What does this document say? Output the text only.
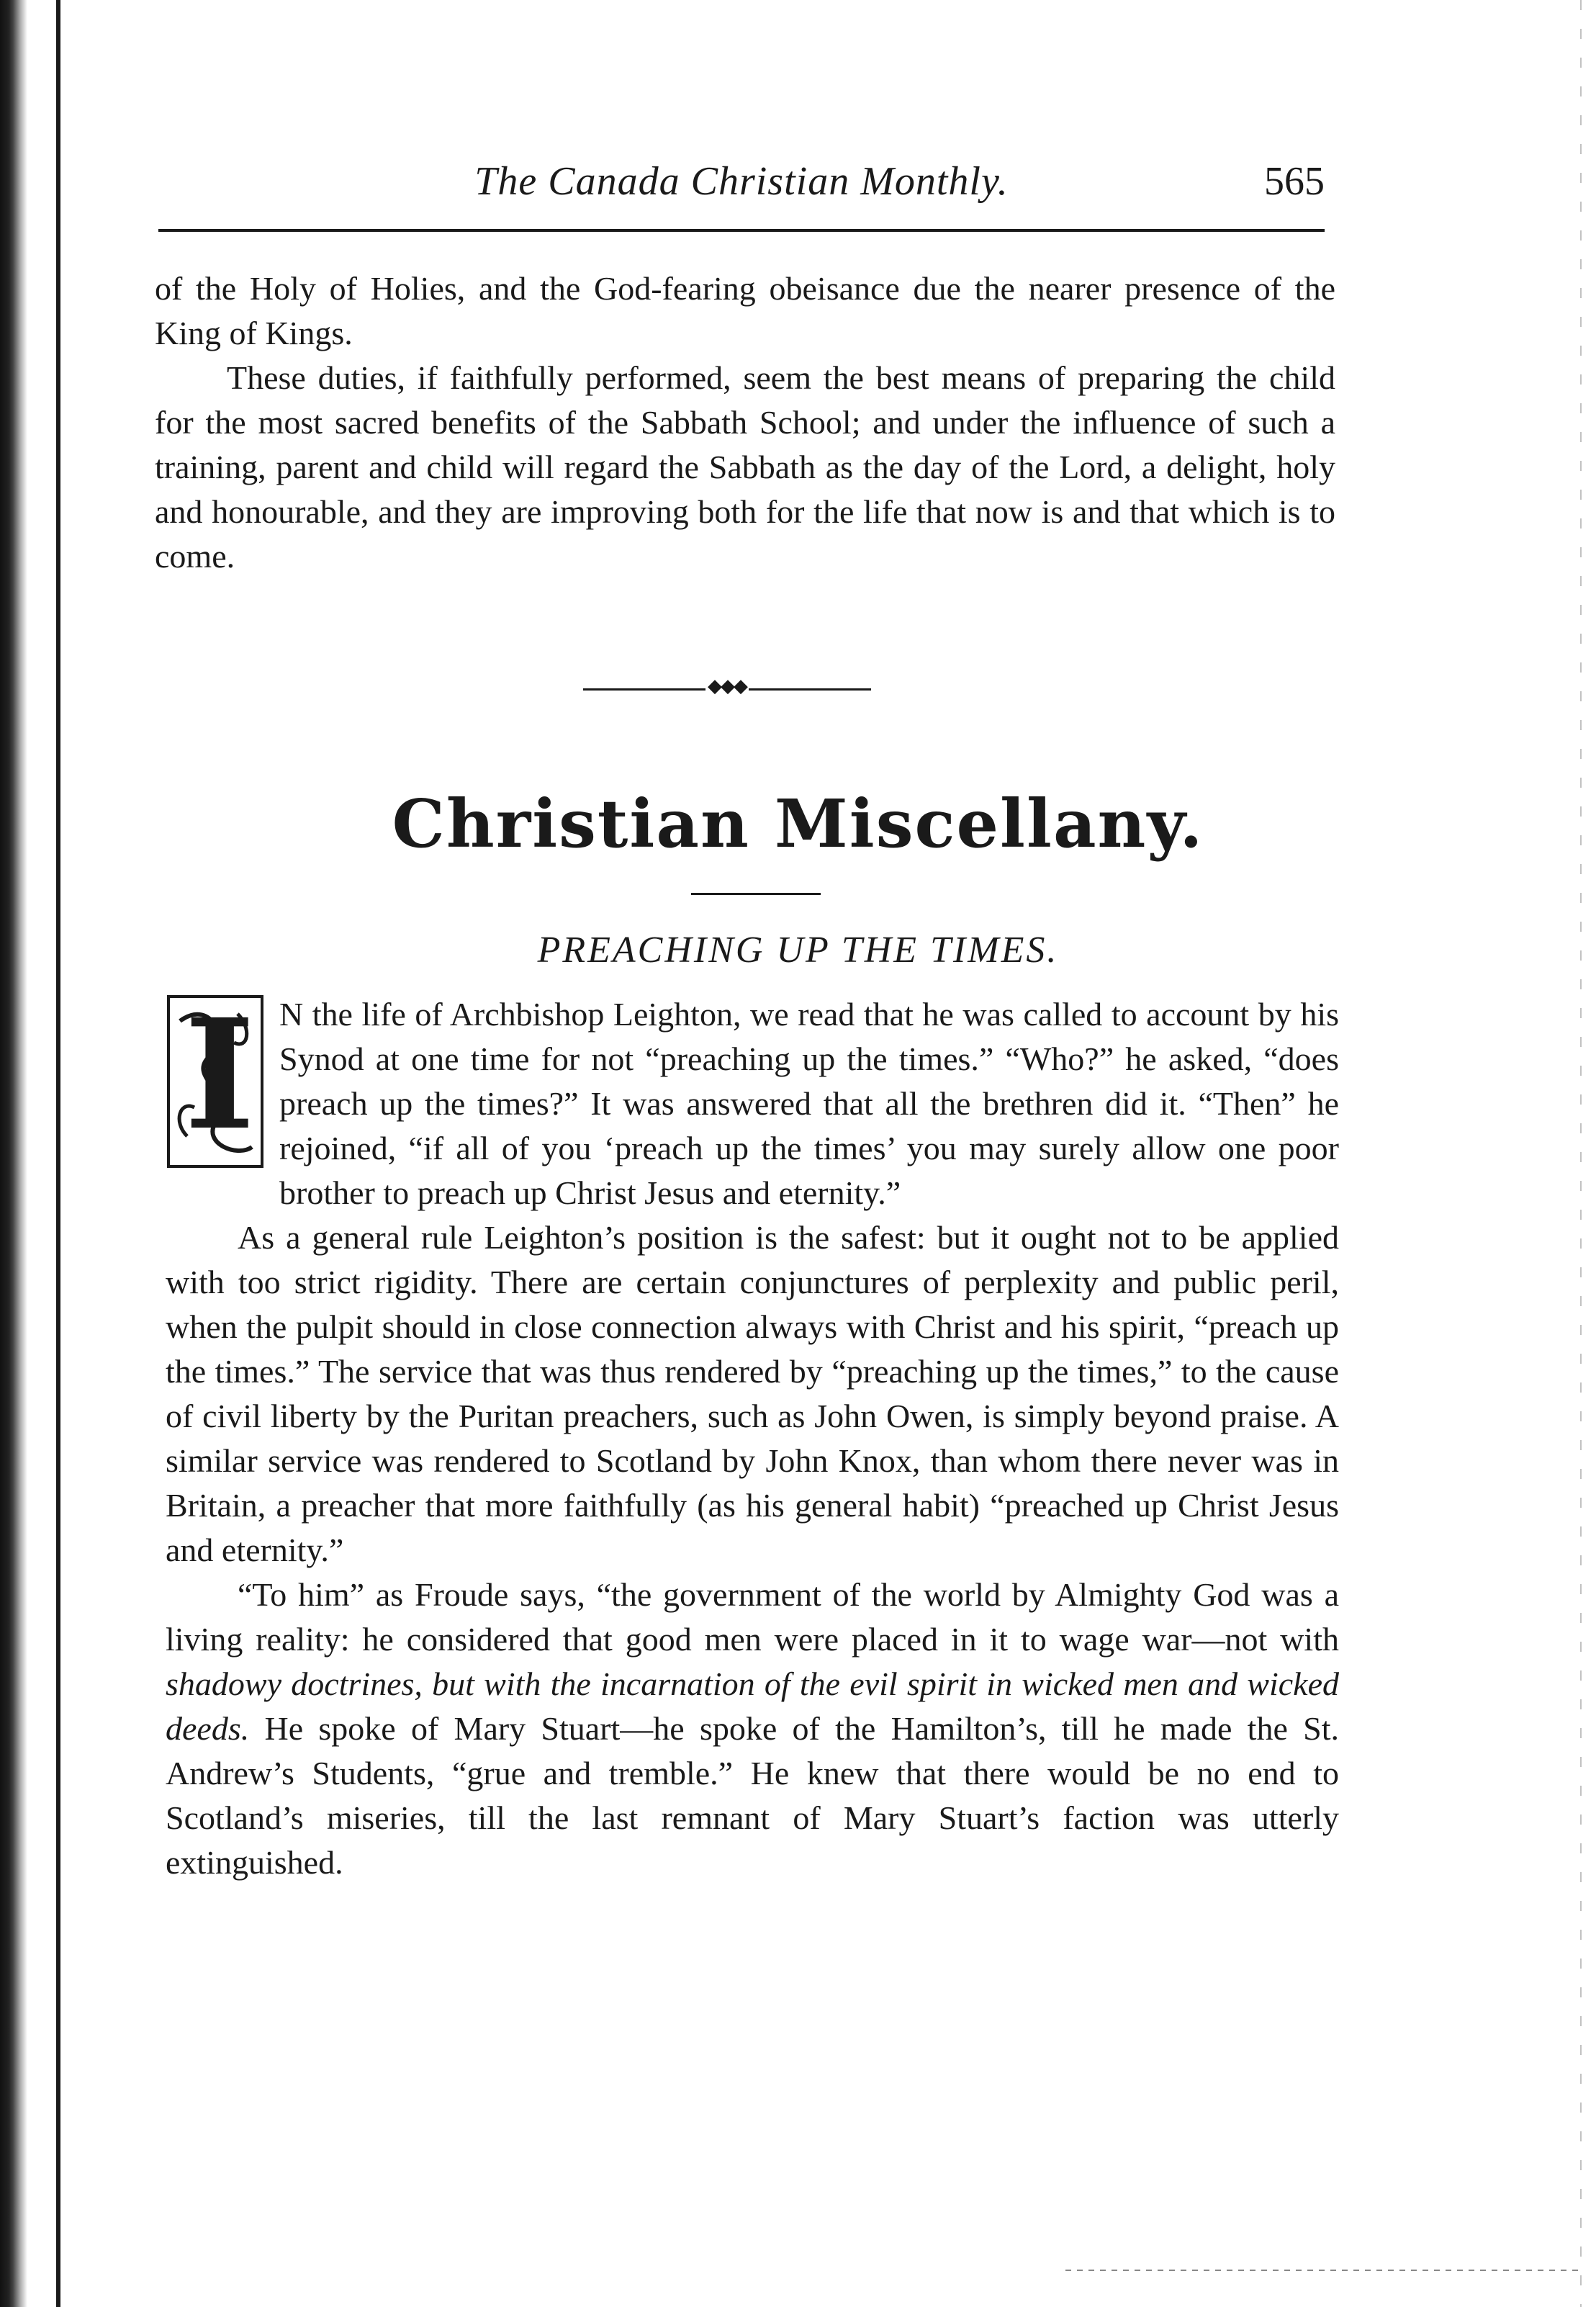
The Canada Christian Monthly.	565

of the Holy of Holies, and the God-fearing obeisance due the nearer presence of the King of Kings.

These duties, if faithfully performed, seem the best means of preparing the child for the most sacred benefits of the Sabbath School; and under the influence of such a training, parent and child will regard the Sabbath as the day of the Lord, a delight, holy and honourable, and they are improving both for the life that now is and that which is to come.

◆◆◆
Christian Miscellany.
PREACHING UP THE TIMES.

I N the life of Archbishop Leighton, we read that he was called to account by his Synod at one time for not “preaching up the times.” “Who?” he asked, “does preach up the times?” It was answered that all the brethren did it. “Then” he rejoined, “if all of you ‘preach up the times’ you may surely allow one poor brother to preach up Christ Jesus and eternity.”

As a general rule Leighton’s position is the safest: but it ought not to be applied with too strict rigidity. There are certain conjunctures of perplexity and public peril, when the pulpit should in close connection always with Christ and his spirit, “preach up the times.” The service that was thus rendered by “preaching up the times,” to the cause of civil liberty by the Puritan preachers, such as John Owen, is simply beyond praise. A similar service was rendered to Scotland by John Knox, than whom there never was in Britain, a preacher that more faithfully (as his general habit) “preached up Christ Jesus and eternity.”

“To him” as Froude says, “the government of the world by Almighty God was a living reality: he considered that good men were placed in it to wage war—not with shadowy doctrines, but with the incarnation of the evil spirit in wicked men and wicked deeds. He spoke of Mary Stuart—he spoke of the Hamilton’s, till he made the St. Andrew’s Students, “grue and tremble.” He knew that there would be no end to Scotland’s miseries, till the last remnant of Mary Stuart’s faction was utterly extinguished.
